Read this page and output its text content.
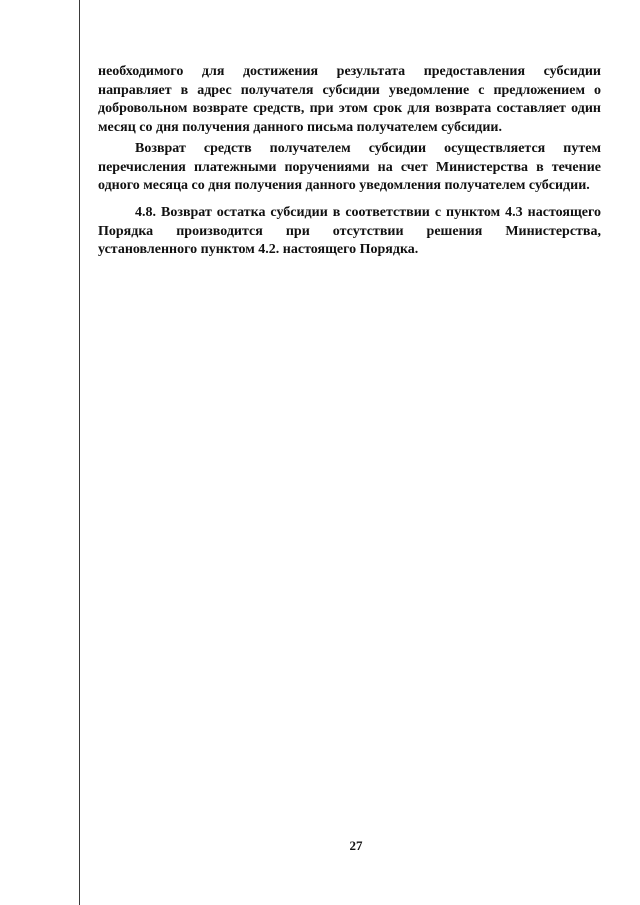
необходимого для достижения результата предоставления субсидии направляет в адрес получателя субсидии уведомление с предложением о добровольном возврате средств, при этом срок для возврата составляет один месяц со дня получения данного письма получателем субсидии.

Возврат средств получателем субсидии осуществляется путем перечисления платежными поручениями на счет Министерства в течение одного месяца со дня получения данного уведомления получателем субсидии.

4.8. Возврат остатка субсидии в соответствии с пунктом 4.3 настоящего Порядка производится при отсутствии решения Министерства, установленного пунктом 4.2. настоящего Порядка.

27
